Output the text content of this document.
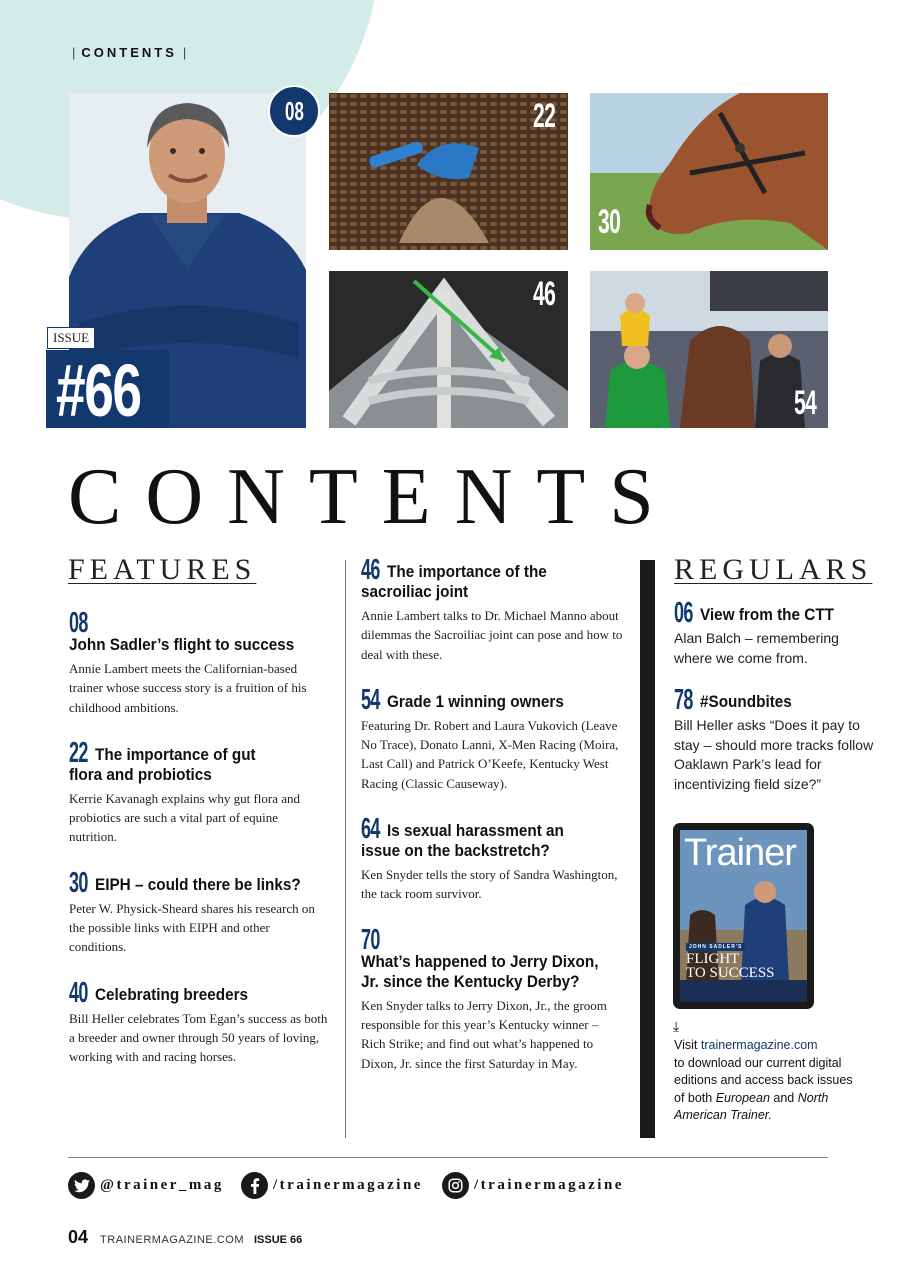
| CONTENTS |
08
ISSUE
#66
22
30
46
54
CONTENTS
FEATURES
08 John Sadler’s flight to success

Annie Lambert meets the Californian-based trainer whose success story is a fruition of his childhood ambitions.

22 The importance of gut
flora and probiotics

Kerrie Kavanagh explains why gut flora and probiotics are such a vital part of equine nutrition.

30 EIPH – could there be links?

Peter W. Physick-Sheard shares his research on the possible links with EIPH and other conditions.

40 Celebrating breeders

Bill Heller celebrates Tom Egan’s success as both a breeder and owner through 50 years of loving, working with and racing horses.

46 The importance of the
sacroiliac joint

Annie Lambert talks to Dr. Michael Manno about dilemmas the Sacroiliac joint can pose and how to deal with these.

54 Grade 1 winning owners

Featuring Dr. Robert and Laura Vukovich (Leave No Trace), Donato Lanni, X-Men Racing (Moira, Last Call) and Patrick O’Keefe, Kentucky West Racing (Classic Causeway).

64 Is sexual harassment an
issue on the backstretch?

Ken Snyder tells the story of Sandra Washington, the tack room survivor.

70 What’s happened to Jerry Dixon,
Jr. since the Kentucky Derby?

Ken Snyder talks to Jerry Dixon, Jr., the groom responsible for this year’s Kentucky winner – Rich Strike; and find out what’s happened to Dixon, Jr. since the first Saturday in May.

REGULARS
06 View from the CTT

Alan Balch – remembering where we come from.

78 #Soundbites

Bill Heller asks “Does it pay to stay – should more tracks follow Oaklawn Park’s lead for incentivizing field size?”

Trainer
JOHN SADLER'S
FLIGHT
TO SUCCESS
⤓
Visit trainermagazine.com
to download our current digital editions and access back issues of both European and North American Trainer.
@trainer_mag	/trainermagazine	/trainermagazine
04 TRAINERMAGAZINE.COM ISSUE 66
